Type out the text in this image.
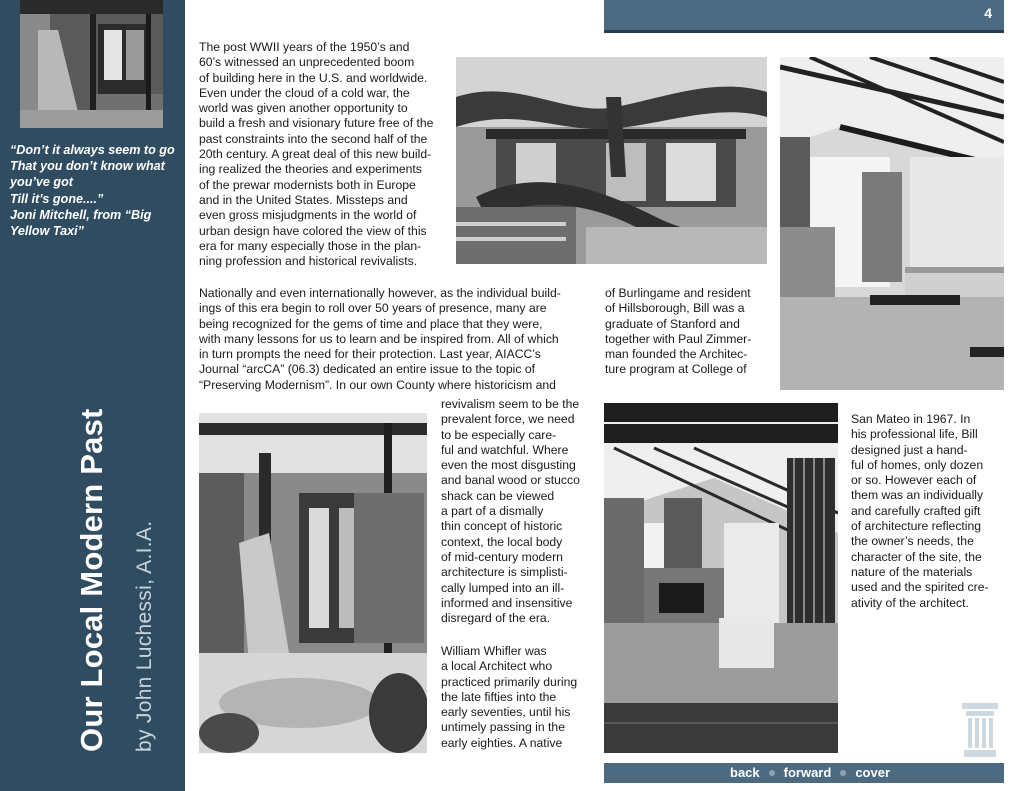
“Don’t it always seem to go
That you don’t know what
you’ve got
Till it’s gone....”
Joni Mitchell, from “Big
Yellow Taxi”
Our Local Modern Past by John Luchessi, A.I.A.
4
The post WWII years of the 1950’s and
60’s witnessed an unprecedented boom
of building here in the U.S. and worldwide.
Even under the cloud of a cold war, the
world was given another opportunity to
build a fresh and visionary future free of the
past constraints into the second half of the
20th century. A great deal of this new build-
ing realized the theories and experiments
of the prewar modernists both in Europe
and in the United States. Missteps and
even gross misjudgments in the world of
urban design have colored the view of this
era for many especially those in the plan-
ning profession and historical revivalists.
Nationally and even internationally however, as the individual build-
ings of this era begin to roll over 50 years of presence, many are
being recognized for the gems of time and place that they were,
with many lessons for us to learn and be inspired from. All of which
in turn prompts the need for their protection. Last year, AIACC’s
Journal “arcCA” (06.3) dedicated an entire issue to the topic of
“Preserving Modernism”. In our own County where historicism and
revivalism seem to be the
prevalent force, we need
to be especially care-
ful and watchful. Where
even the most disgusting
and banal wood or stucco
shack can be viewed
a part of a dismally
thin concept of historic
context, the local body
of mid-century modern
architecture is simplisti-
cally lumped into an ill-
informed and insensitive
disregard of the era.
William Whifler was
a local Architect who
practiced primarily during
the late fifties into the
early seventies, until his
untimely passing in the
early eighties. A native
of Burlingame and resident
of Hillsborough, Bill was a
graduate of Stanford and
together with Paul Zimmer-
man founded the Architec-
ture program at College of
San Mateo in 1967. In
his professional life, Bill
designed just a hand-
ful of homes, only dozen
or so. However each of
them was an individually
and carefully crafted gift
of architecture reflecting
the owner’s needs, the
character of the site, the
nature of the materials
used and the spirited cre-
ativity of the architect.
back forward cover
